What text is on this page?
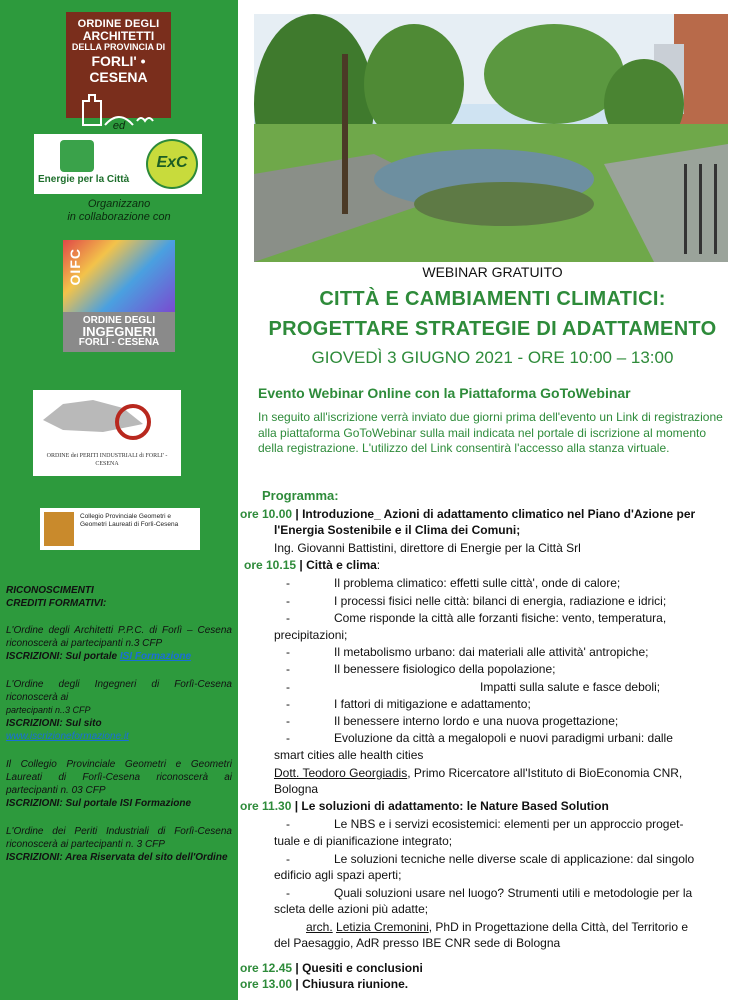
ORDINE DEGLI
ARCHITETTI
DELLA PROVINCIA DI
FORLI' • CESENA
ed
Energie per la Città
ExC
Organizzano
in collaborazione con
OIFC
ORDINE DEGLI
INGEGNERI
FORLÌ - CESENA
ORDINE dei PERITI INDUSTRIALI di FORLI' - CESENA
Collegio Provinciale Geometri e Geometri Laureati di Forlì-Cesena
RICONOSCIMENTI
CREDITI FORMATIVI:
L'Ordine degli Architetti P.P.C. di Forlì – Cesena riconoscerà ai partecipanti n.3 CFP
ISCRIZIONI: Sul portale ISI Formazione
L'Ordine degli Ingegneri di Forlì-Cesena riconoscerà ai
partecipanti n..3 CFP
ISCRIZIONI: Sul sito
www.iscrizioneformazione.it
Il Collegio Provinciale Geometri e Geometri Laureati di Forlì-Cesena riconoscerà ai partecipanti n. 03 CFP
ISCRIZIONI: Sul portale ISI Formazione
L'Ordine dei Periti Industriali di Forlì-Cesena riconoscerà ai partecipanti n. 3 CFP
ISCRIZIONI: Area Riservata del sito dell'Ordine
WEBINAR GRATUITO
CITTÀ E CAMBIAMENTI CLIMATICI:
PROGETTARE STRATEGIE DI ADATTAMENTO
GIOVEDÌ 3 GIUGNO 2021 - ORE 10:00 – 13:00
Evento Webinar Online con la Piattaforma GoToWebinar
In seguito all'iscrizione verrà inviato due giorni prima dell'evento un Link di registrazione alla piattaforma GoToWebinar sulla mail indicata nel portale di iscrizione al momento della registrazione. L'utilizzo del Link consentirà l'accesso alla stanza virtuale.
Programma:
ore 10.00 | Introduzione_ Azioni di adattamento climatico nel Piano d'Azione per
l'Energia Sostenibile e il Clima dei Comuni;
Ing. Giovanni Battistini, direttore di Energie per la Città Srl
ore 10.15 | Città e clima:
-	Il problema climatico: effetti sulle città', onde di calore;
-	I processi fisici nelle città: bilanci di energia, radiazione e idrici;
-	Come risponde la città alle forzanti fisiche: vento, temperatura,
precipitazioni;
-	Il metabolismo urbano: dai materiali alle attività' antropiche;
-	Il benessere fisiologico della popolazione;
-	Impatti sulla salute e fasce deboli;
-	I fattori di mitigazione e adattamento;
-	Il benessere interno lordo e una nuova progettazione;
-	Evoluzione da città a megalopoli e nuovi paradigmi urbani: dalle
smart cities alle health cities
Dott. Teodoro Georgiadis, Primo Ricercatore all'Istituto di BioEconomia CNR,
Bologna
ore 11.30 | Le soluzioni di adattamento: le Nature Based Solution
-	Le NBS e i servizi ecosistemici: elementi per un approccio proget-
tuale e di pianificazione integrato;
-	Le soluzioni tecniche nelle diverse scale di applicazione: dal singolo
edificio agli spazi aperti;
-	Quali soluzioni usare nel luogo? Strumenti utili e metodologie per la
scleta delle azioni più adatte;
arch. Letizia Cremonini, PhD in Progettazione della Città, del Territorio e
del Paesaggio, AdR presso IBE CNR sede di Bologna
ore 12.45 | Quesiti e conclusioni
ore 13.00 | Chiusura riunione.
